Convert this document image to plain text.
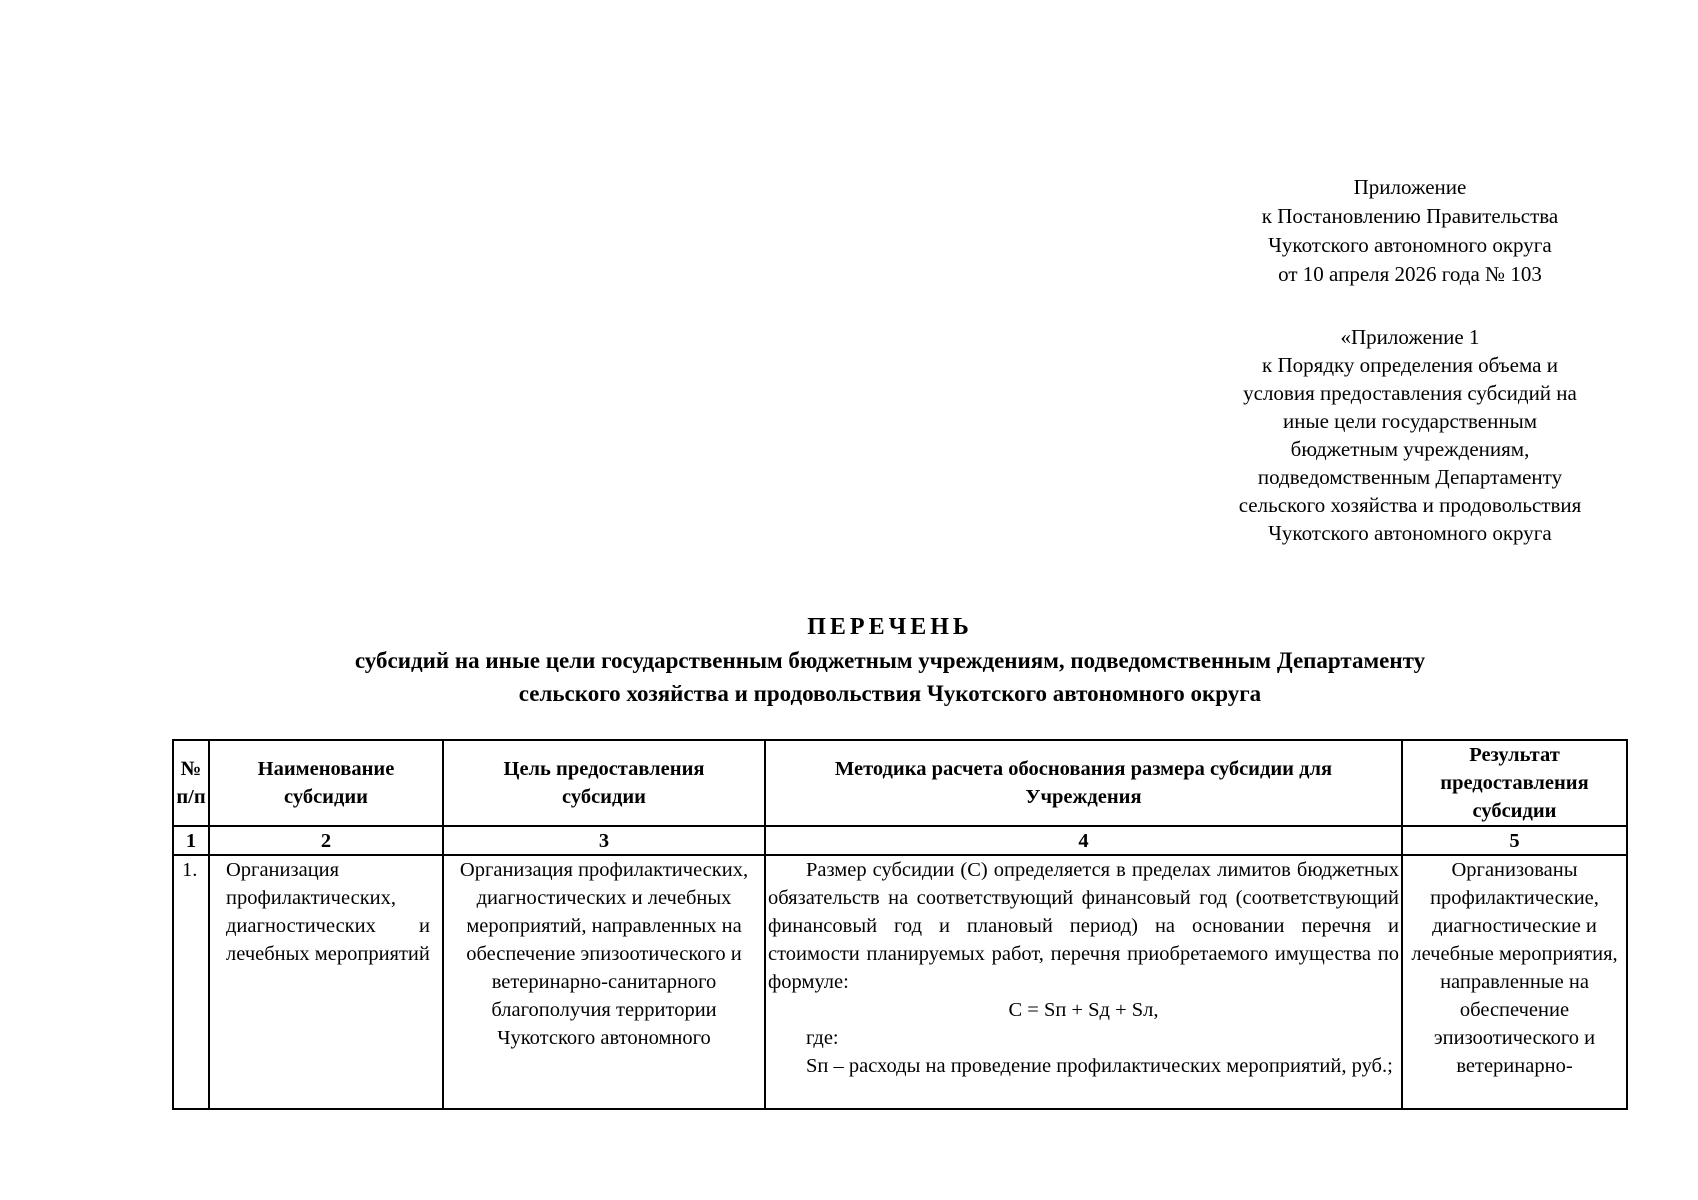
Приложение
к Постановлению Правительства
Чукотского автономного округа
от 10 апреля 2026 года № 103
«Приложение 1
к Порядку определения объема и
условия предоставления субсидий на
иные цели государственным
бюджетным учреждениям,
подведомственным Департаменту
сельского хозяйства и продовольствия
Чукотского автономного округа
ПЕРЕЧЕНЬ
субсидий на иные цели государственным бюджетным учреждениям, подведомственным Департаменту
сельского хозяйства и продовольствия Чукотского автономного округа
№ п/п	Наименование субсидии	Цель предоставления субсидии	Методика расчета обоснования размера субсидии для Учреждения	Результат предоставления субсидии
1	2	3	4	5

1.	Организация профилактических, диагностических и лечебных мероприятий	Организация профилактических, диагностических и лечебных мероприятий, направленных на обеспечение эпизоотического и ветеринарно-санитарного благополучия территории Чукотского автономного	Размер субсидии (С) определяется в пределах лимитов бюджетных обязательств на соответствующий финансовый год (соответствующий финансовый год и плановый период) на основании перечня и стоимости планируемых работ, перечня приобретаемого имущества по формуле:
С = Sп + Sд + Sл,
где:
Sп – расходы на проведение профилактических мероприятий, руб.;	Организованы профилактические, диагностические и лечебные мероприятия, направленные на обеспечение эпизоотического и ветеринарно-
